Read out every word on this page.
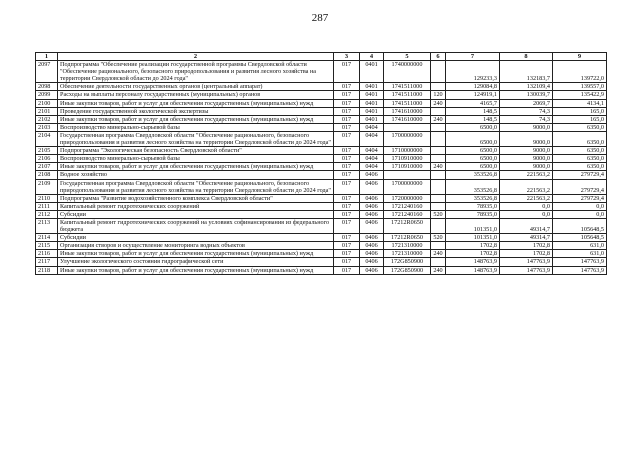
287
1	2	3	4	5	6	7	8	9
2097	Подпрограмма "Обеспечение реализации государственной программы Свердловской области "Обеспечение рационального, безопасного природопользования и развития лесного хозяйства на территории Свердловской области до 2024 года"	017	0401	1740000000		129233,3	132183,7	139722,0
2098	Обеспечение деятельности государственных органов (центральный аппарат)	017	0401	1741511000		129084,8	132109,4	139557,0
2099	Расходы на выплаты персоналу государственных (муниципальных) органов	017	0401	1741511000	120	124919,1	130039,7	135422,9
2100	Иные закупки товаров, работ и услуг для обеспечения государственных (муниципальных) нужд	017	0401	1741511000	240	4165,7	2069,7	4134,1
2101	Проведение государственной экологической экспертизы	017	0401	1741610000		148,5	74,3	165,0
2102	Иные закупки товаров, работ и услуг для обеспечения государственных (муниципальных) нужд	017	0401	1741610000	240	148,5	74,3	165,0
2103	Воспроизводство минерально-сырьевой базы	017	0404			6500,0	9000,0	6350,0
2104	Государственная программа Свердловской области "Обеспечение рационального, безопасного природопользования и развития лесного хозяйства на территории Свердловской области до 2024 года"	017	0404	1700000000		6500,0	9000,0	6350,0
2105	Подпрограмма "Экологическая безопасность Свердловской области"	017	0404	1710000000		6500,0	9000,0	6350,0
2106	Воспроизводство минерально-сырьевой базы	017	0404	1710910000		6500,0	9000,0	6350,0
2107	Иные закупки товаров, работ и услуг для обеспечения государственных (муниципальных) нужд	017	0404	1710910000	240	6500,0	9000,0	6350,0
2108	Водное хозяйство	017	0406			353526,8	221563,2	279729,4
2109	Государственная программа Свердловской области "Обеспечение рационального, безопасного природопользования и развития лесного хозяйства на территории Свердловской области до 2024 года"	017	0406	1700000000		353526,8	221563,2	279729,4
2110	Подпрограмма "Развитие водохозяйственного комплекса Свердловской области"	017	0406	1720000000		353526,8	221563,2	279729,4
2111	Капитальный ремонт гидротехнических сооружений	017	0406	1721240160		78935,0	0,0	0,0
2112	Субсидии	017	0406	1721240160	520	78935,0	0,0	0,0
2113	Капитальный ремонт гидротехнических сооружений на условиях софинансирования из федерального бюджета	017	0406	17212R0650		101351,0	49314,7	105648,5
2114	Субсидии	017	0406	17212R0650	520	101351,0	49314,7	105648,5
2115	Организация створов и осуществление мониторинга водных объектов	017	0406	1721310000		1702,8	1702,8	631,0
2116	Иные закупки товаров, работ и услуг для обеспечения государственных (муниципальных) нужд	017	0406	1721310000	240	1702,8	1702,8	631,0
2117	Улучшение экологического состояния гидрографической сети	017	0406	172G850900		148763,9	147763,9	147763,9
2118	Иные закупки товаров, работ и услуг для обеспечения государственных (муниципальных) нужд	017	0406	172G850900	240	148763,9	147763,9	147763,9
